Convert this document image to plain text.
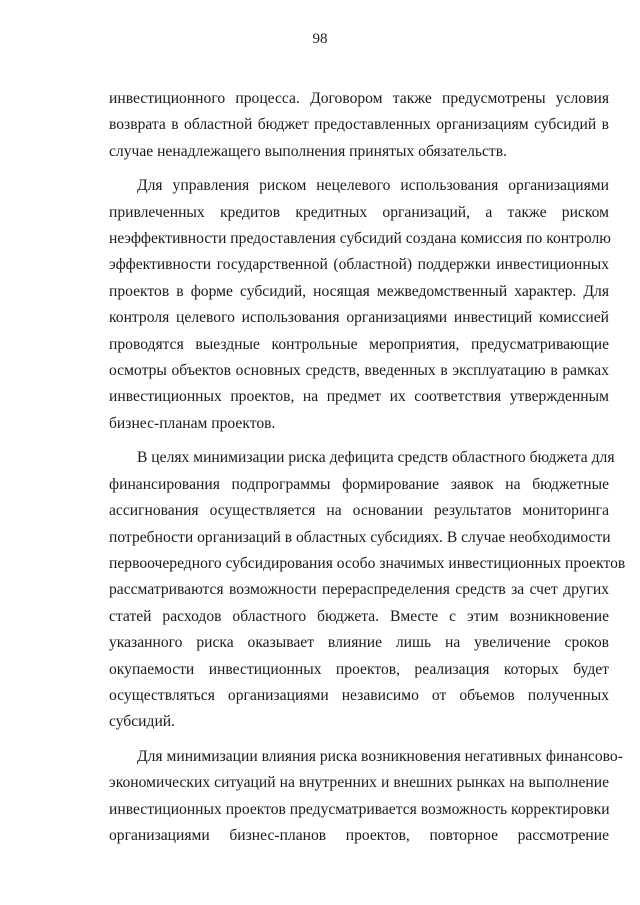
98
инвестиционного процесса. Договором также предусмотрены условия
возврата в областной бюджет предоставленных организациям субсидий в
случае ненадлежащего выполнения принятых обязательств.
Для управления риском нецелевого использования организациями
привлеченных кредитов кредитных организаций, а также риском
неэффективности предоставления субсидий создана комиссия по контролю
эффективности государственной (областной) поддержки инвестиционных
проектов в форме субсидий, носящая межведомственный характер. Для
контроля целевого использования организациями инвестиций комиссией
проводятся выездные контрольные мероприятия, предусматривающие
осмотры объектов основных средств, введенных в эксплуатацию в рамках
инвестиционных проектов, на предмет их соответствия утвержденным
бизнес-планам проектов.
В целях минимизации риска дефицита средств областного бюджета для
финансирования подпрограммы формирование заявок на бюджетные
ассигнования осуществляется на основании результатов мониторинга
потребности организаций в областных субсидиях. В случае необходимости
первоочередного субсидирования особо значимых инвестиционных проектов
рассматриваются возможности перераспределения средств за счет других
статей расходов областного бюджета. Вместе с этим возникновение
указанного риска оказывает влияние лишь на увеличение сроков
окупаемости инвестиционных проектов, реализация которых будет
осуществляться организациями независимо от объемов полученных
субсидий.
Для минимизации влияния риска возникновения негативных финансово-
экономических ситуаций на внутренних и внешних рынках на выполнение
инвестиционных проектов предусматривается возможность корректировки
организациями бизнес-планов проектов, повторное рассмотрение
